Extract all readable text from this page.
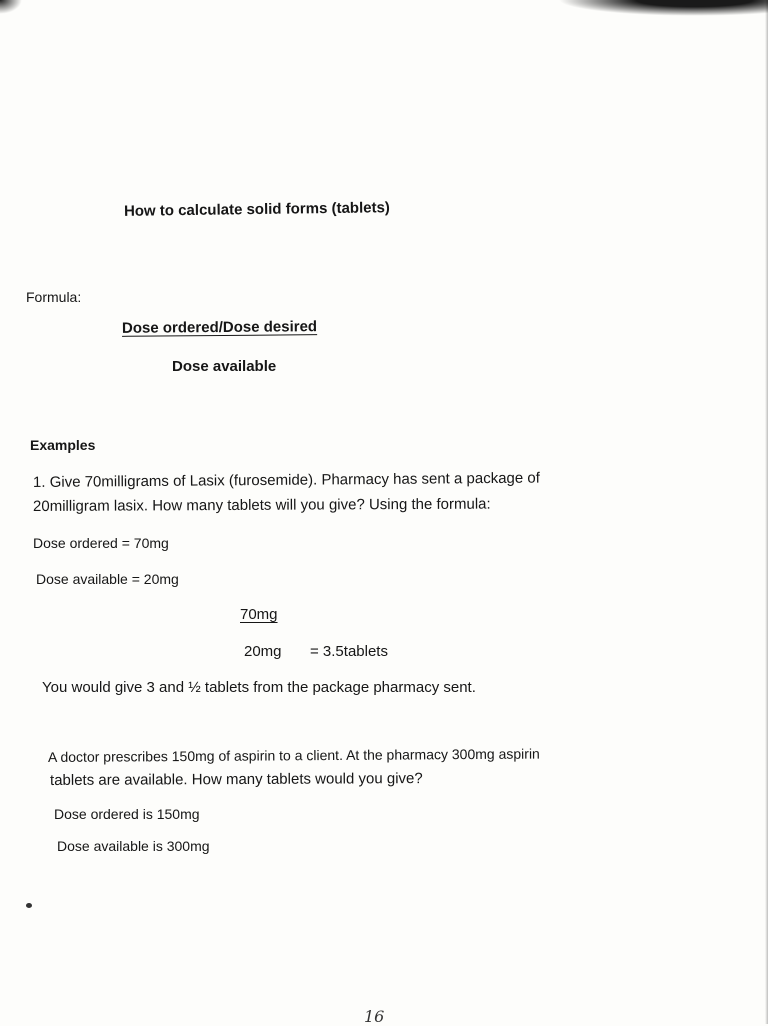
How to calculate solid forms (tablets)
Formula:
Dose ordered/Dose desired
Dose available
Examples
1. Give 70milligrams of Lasix (furosemide). Pharmacy has sent a package of
20milligram lasix. How many tablets will you give? Using the formula:
Dose ordered = 70mg
Dose available = 20mg
70mg
20mg = 3.5tablets
You would give 3 and ½ tablets from the package pharmacy sent.
A doctor prescribes 150mg of aspirin to a client. At the pharmacy 300mg aspirin
tablets are available. How many tablets would you give?
Dose ordered is 150mg
Dose available is 300mg
16
